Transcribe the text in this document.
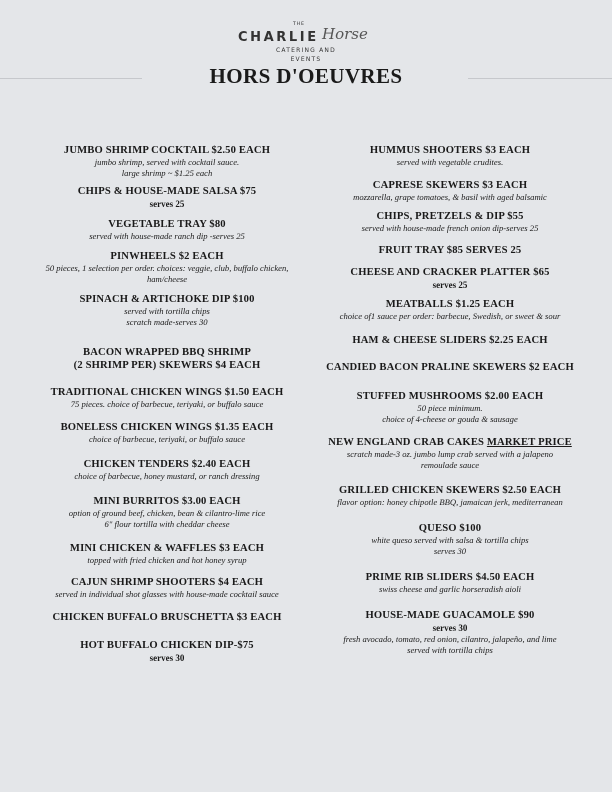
THE
CHARLIE Horse
CATERING AND
EVENTS
HORS D'OEUVRES
JUMBO SHRIMP COCKTAIL $2.50 EACH
jumbo shrimp, served with cocktail sauce.
large shrimp ~ $1.25 each
CHIPS & HOUSE-MADE SALSA $75
serves 25
VEGETABLE TRAY $80
served with house-made ranch dip -serves 25
PINWHEELS $2 EACH
50 pieces, 1 selection per order. choices: veggie, club, buffalo chicken,
ham/cheese
SPINACH & ARTICHOKE DIP $100
served with tortilla chips
scratch made-serves 30
BACON WRAPPED BBQ SHRIMP
(2 SHRIMP PER) SKEWERS $4 EACH
TRADITIONAL CHICKEN WINGS $1.50 EACH
75 pieces. choice of barbecue, teriyaki, or buffalo sauce
BONELESS CHICKEN WINGS $1.35 EACH
choice of barbecue, teriyaki, or buffalo sauce
CHICKEN TENDERS $2.40 EACH
choice of barbecue, honey mustard, or ranch dressing
MINI BURRITOS $3.00 EACH
option of ground beef, chicken, bean & cilantro-lime rice
6" flour tortilla with cheddar cheese
MINI CHICKEN & WAFFLES $3 EACH
topped with fried chicken and hot honey syrup
CAJUN SHRIMP SHOOTERS $4 EACH
served in individual shot glasses with house-made cocktail sauce
CHICKEN BUFFALO BRUSCHETTA $3 EACH
HOT BUFFALO CHICKEN DIP-$75
serves 30
HUMMUS SHOOTERS $3 EACH
served with vegetable crudites.
CAPRESE SKEWERS $3 EACH
mozzarella, grape tomatoes, & basil with aged balsamic
CHIPS, PRETZELS & DIP $55
served with house-made french onion dip-serves 25
FRUIT TRAY $85 SERVES 25
CHEESE AND CRACKER PLATTER $65
serves 25
MEATBALLS $1.25 EACH
choice of1 sauce per order: barbecue, Swedish, or sweet & sour
HAM & CHEESE SLIDERS $2.25 EACH
CANDIED BACON PRALINE SKEWERS $2 EACH
STUFFED MUSHROOMS $2.00 EACH
50 piece minimum.
choice of 4-cheese or gouda & sausage
NEW ENGLAND CRAB CAKES MARKET PRICE
scratch made-3 oz. jumbo lump crab served with a jalapeno
remoulade sauce
GRILLED CHICKEN SKEWERS $2.50 EACH
flavor option: honey chipotle BBQ, jamaican jerk, mediterranean
QUESO $100
white queso served with salsa & tortilla chips
serves 30
PRIME RIB SLIDERS $4.50 EACH
swiss cheese and garlic horseradish aioli
HOUSE-MADE GUACAMOLE $90
serves 30
fresh avocado, tomato, red onion, cilantro, jalapeño, and lime
served with tortilla chips
